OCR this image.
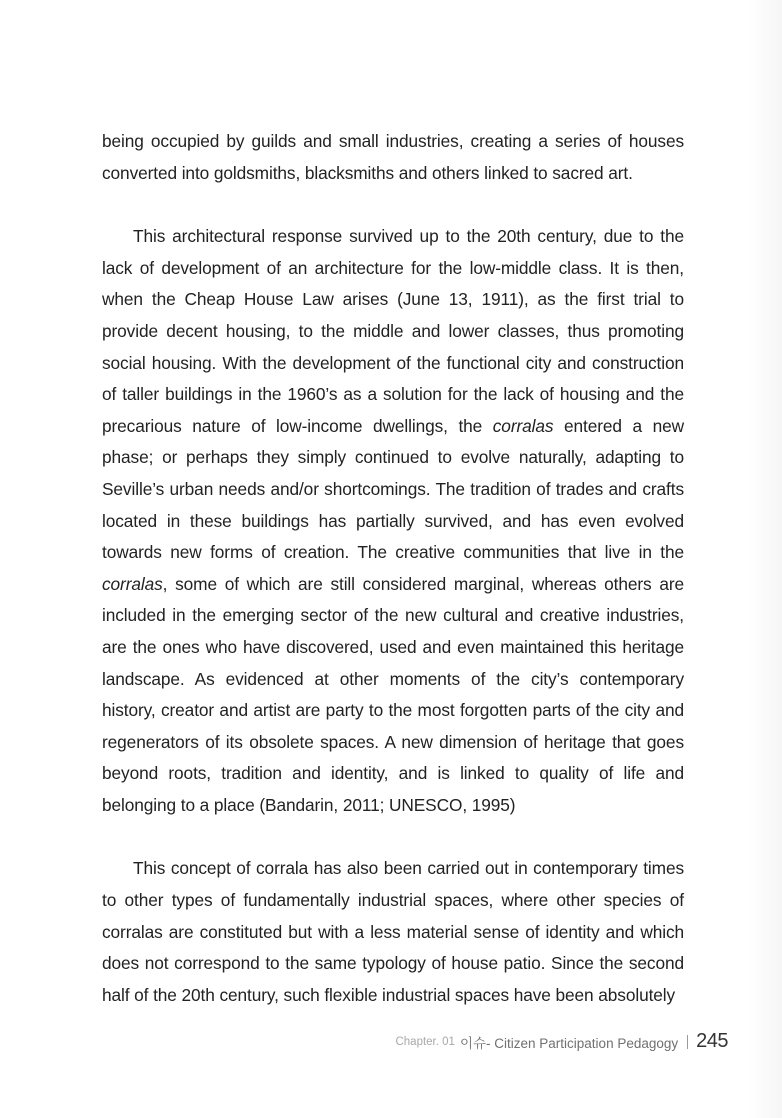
being occupied by guilds and small industries, creating a series of houses converted into goldsmiths, blacksmiths and others linked to sacred art.

This architectural response survived up to the 20th century, due to the lack of development of an architecture for the low-middle class. It is then, when the Cheap House Law arises (June 13, 1911), as the first trial to provide decent housing, to the middle and lower classes, thus promoting social housing. With the development of the functional city and construction of taller buildings in the 1960’s as a solution for the lack of housing and the precarious nature of low-income dwellings, the corralas entered a new phase; or perhaps they simply continued to evolve naturally, adapting to Seville’s urban needs and/or shortcomings. The tradition of trades and crafts located in these buildings has partially survived, and has even evolved towards new forms of creation. The creative communities that live in the corralas, some of which are still considered marginal, whereas others are included in the emerging sector of the new cultural and creative industries, are the ones who have discovered, used and even maintained this heritage landscape. As evidenced at other moments of the city’s contemporary history, creator and artist are party to the most forgotten parts of the city and regenerators of its obsolete spaces. A new dimension of heritage that goes beyond roots, tradition and identity, and is linked to quality of life and belonging to a place (Bandarin, 2011; UNESCO, 1995)

This concept of corrala has also been carried out in contemporary times to other types of fundamentally industrial spaces, where other species of corralas are constituted but with a less material sense of identity and which does not correspond to the same typology of house patio. Since the second half of the 20th century, such flexible industrial spaces have been absolutely

Chapter. 01 이슈- Citizen Participation Pedagogy 245
